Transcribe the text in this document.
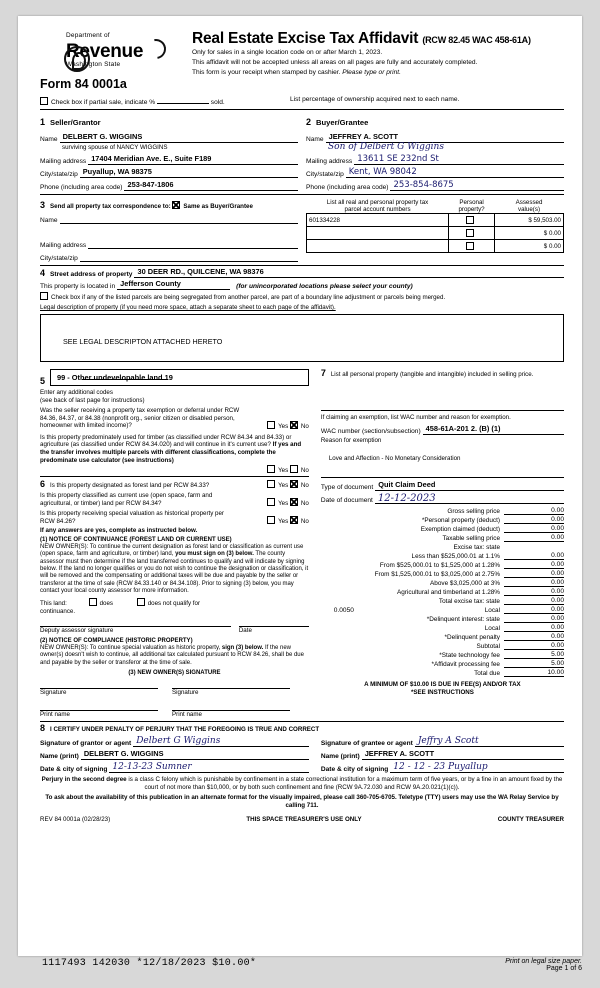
Department of
Revenue
Washington State
Form 84 0001a
Real Estate Excise Tax Affidavit (RCW 82.45 WAC 458-61A)

Only for sales in a single location code on or after March 1, 2023.

This affidavit will not be accepted unless all areas on all pages are fully and accurately completed.

This form is your receipt when stamped by cashier. Please type or print.

Check box if partial sale, indicate %	sold.	List percentage of ownership acquired next to each name.
1 Seller/Grantor
Name DELBERT G. WIGGINS
surviving spouse of NANCY WIGGINS
Mailing address 17404 Meridian Ave. E., Suite F189
City/state/zip Puyallup, WA 98375
Phone (including area code) 253-847-1806
2 Buyer/Grantee
Name JEFFREY A. SCOTT
Son of Delbert G Wiggins
Mailing address 13611 SE 232nd St
City/state/zip Kent, WA 98042
Phone (including area code) 253-854-8675
3 Send all property tax correspondence to: Same as Buyer/Grantee
Name
Mailing address
City/state/zip
List all real and personal property tax
parcel account numbers	Personal
property?	Assessed
value(s)
601334228		$ 59,503.00
		$ 0.00
		$ 0.00
4 Street address of property 30 DEER RD., QUILCENE, WA 98376
This property is located in Jefferson County	(for unincorporated locations please select your county)
Check box if any of the listed parcels are being segregated from another parcel, are part of a boundary line adjustment or parcels being merged.
Legal description of property (if you need more space, attach a separate sheet to each page of the affidavit).
SEE LEGAL DESCRIPTON ATTACHED HERETO
5	99 - Other undevelopable land 19
Enter any additional codes
(see back of last page for instructions)
Was the seller receiving a property tax exemption or deferral under RCW 84.36, 84.37, or 84.38 (nonprofit org., senior citizen or disabled person, homeowner with limited income)?	Yes No
Is this property predominately used for timber (as classified under RCW 84.34 and 84.33) or agriculture (as classified under RCW 84.34.020) and will continue in it's current use? If yes and the transfer involves multiple parcels with different classifications, complete the predominate use calculator (see instructions)
Yes No
6 Is this property designated as forest land per RCW 84.33?	Yes No
Is this property classified as current use (open space, farm and agricultural, or timber) land per RCW 84.34?	Yes No
Is this property receiving special valuation as historical property per RCW 84.26?	Yes No
If any answers are yes, complete as instructed below.
(1) NOTICE OF CONTINUANCE (FOREST LAND OR CURRENT USE)
NEW OWNER(S): To continue the current designation as forest land or classification as current use (open space, farm and agriculture, or timber) land, you must sign on (3) below. The county assessor must then determine if the land transferred continues to qualify and will indicate by signing below. If the land no longer qualifies or you do not wish to continue the designation or classification, it will be removed and the compensating or additional taxes will be due and payable by the seller or transferor at the time of sale (RCW 84.33.140 or 84.34.108). Prior to signing (3) below, you may contact your local county assessor for more information.
This land:	does	does not qualify for
continuance.
Deputy assessor signature	Date
(2) NOTICE OF COMPLIANCE (HISTORIC PROPERTY)
NEW OWNER(S): To continue special valuation as historic property, sign (3) below. If the new owner(s) doesn't wish to continue, all additional tax calculated pursuant to RCW 84.26, shall be due and payable by the seller or transferor at the time of sale.
(3) NEW OWNER(S) SIGNATURE
Signature	Signature
Print name	Print name
7 List all personal property (tangible and intangible) included in selling price.
If claiming an exemption, list WAC number and reason for exemption.
WAC number (section/subsection) 458-61A-201 2. (B) (1)
Reason for exemption
Love and Affection - No Monetary Consideration
Type of document Quit Claim Deed
Date of document 12-12-2023
Gross selling price	0.00
*Personal property (deduct)	0.00
Exemption claimed (deduct)	0.00
Taxable selling price	0.00
Excise tax: state
Less than $525,000.01 at 1.1%	0.00
From $525,000.01 to $1,525,000 at 1.28%	0.00
From $1,525,000.01 to $3,025,000 at 2.75%	0.00
Above $3,025,000 at 3%	0.00
Agricultural and timberland at 1.28%	0.00
Total excise tax: state	0.00
0.0050	Local	0.00
*Delinquent interest: state	0.00
Local	0.00
*Delinquent penalty	0.00
Subtotal	0.00
*State technology fee	5.00
*Affidavit processing fee	5.00
Total due	10.00
A MINIMUM OF $10.00 IS DUE IN FEE(S) AND/OR TAX
*SEE INSTRUCTIONS
8 I CERTIFY UNDER PENALTY OF PERJURY THAT THE FOREGOING IS TRUE AND CORRECT
Signature of grantor or agent Delbert G Wiggins
Name (print) DELBERT G. WIGGINS
Date & city of signing 12-13-23 Sumner
Signature of grantee or agent Jeffry A Scott
Name (print) JEFFREY A. SCOTT
Date & city of signing 12 - 12 - 23 Puyallup
Perjury in the second degree is a class C felony which is punishable by confinement in a state correctional institution for a maximum term of five years, or by a fine in an amount fixed by the court of not more than $10,000, or by both such confinement and fine (RCW 9A.72.030 and RCW 9A.20.021(1)(c)).
To ask about the availability of this publication in an alternate format for the visually impaired, please call 360-705-6705. Teletype (TTY) users may use the WA Relay Service by calling 711.
REV 84 0001a (02/28/23)	THIS SPACE TREASURER'S USE ONLY	COUNTY TREASURER
1117493 142030 *12/18/2023 $10.00*	Print on legal size paper.
Page 1 of 6
